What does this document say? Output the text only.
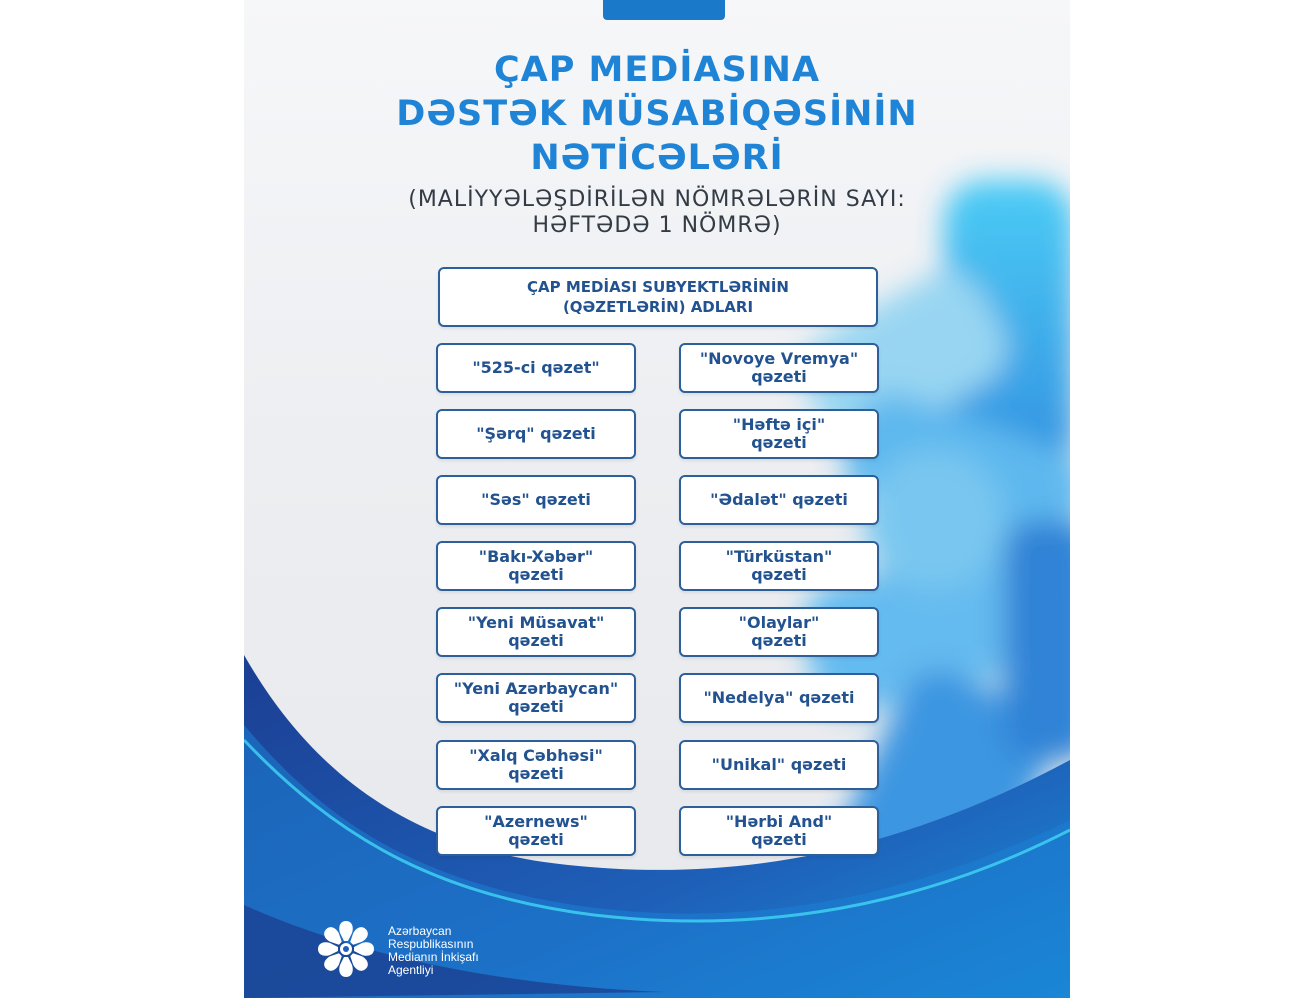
ÇAP MEDİASINA
DƏSTƏK MÜSABİQƏSİNİN
NƏTİCƏLƏRİ
(MALİYYƏLƏŞDİRİLƏN NÖMRƏLƏRİN SAYI:
HƏFTƏDƏ 1 NÖMRƏ)
ÇAP MEDİASI SUBYEKTLƏRİNİN
(QƏZETLƏRİN) ADLARI
"525-ci qəzet"
"Şərq" qəzeti
"Səs" qəzeti
"Bakı-Xəbər"
qəzeti
"Yeni Müsavat"
qəzeti
"Yeni Azərbaycan"
qəzeti
"Xalq Cəbhəsi"
qəzeti
"Azernews"
qəzeti
"Novoye Vremya"
qəzeti
"Həftə içi"
qəzeti
"Ədalət" qəzeti
"Türküstan"
qəzeti
"Olaylar"
qəzeti
"Nedelya" qəzeti
"Unikal" qəzeti
"Hərbi And"
qəzeti
Azərbaycan
Respublikasının
Medianın İnkişafı
Agentliyi
